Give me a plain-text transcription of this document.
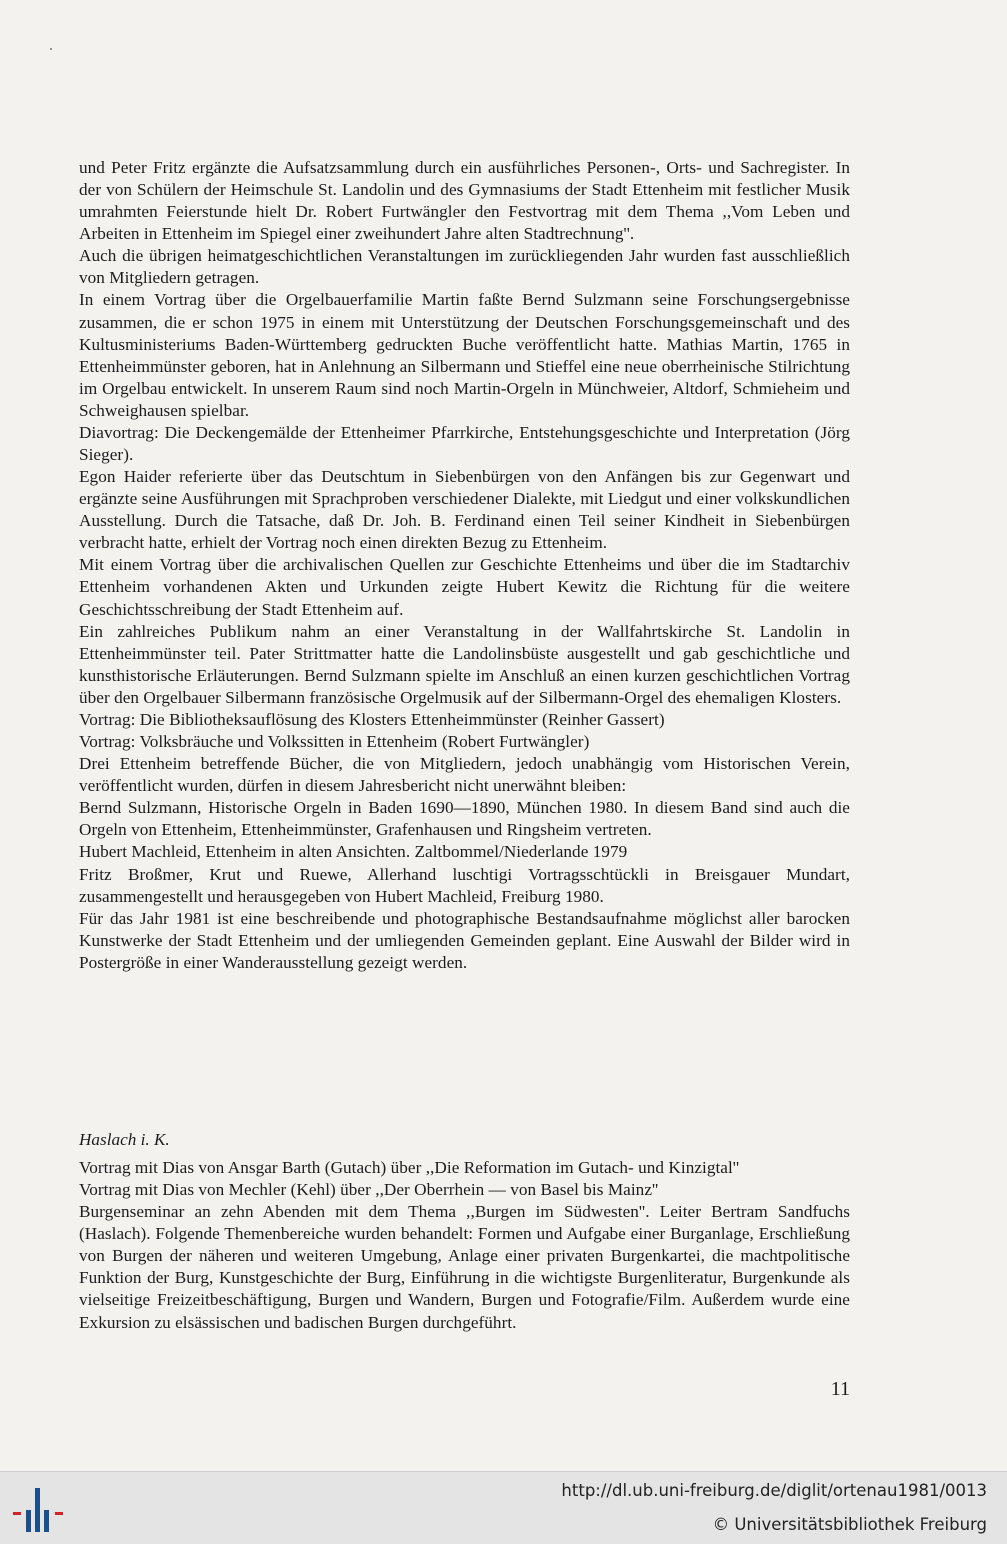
und Peter Fritz ergänzte die Aufsatzsammlung durch ein ausführliches Personen-, Orts- und Sachregister. In der von Schülern der Heimschule St. Landolin und des Gymnasiums der Stadt Ettenheim mit festlicher Musik umrahmten Feierstunde hielt Dr. Robert Furtwängler den Festvortrag mit dem Thema ,,Vom Leben und Arbeiten in Ettenheim im Spiegel einer zweihundert Jahre alten Stadtrechnung''.

Auch die übrigen heimatgeschichtlichen Veranstaltungen im zurückliegenden Jahr wurden fast ausschließlich von Mitgliedern getragen.

In einem Vortrag über die Orgelbauerfamilie Martin faßte Bernd Sulzmann seine Forschungsergebnisse zusammen, die er schon 1975 in einem mit Unterstützung der Deutschen Forschungsgemeinschaft und des Kultusministeriums Baden-Württemberg gedruckten Buche veröffentlicht hatte. Mathias Martin, 1765 in Ettenheimmünster geboren, hat in Anlehnung an Silbermann und Stieffel eine neue oberrheinische Stilrichtung im Orgelbau entwickelt. In unserem Raum sind noch Martin-Orgeln in Münchweier, Altdorf, Schmieheim und Schweighausen spielbar.

Diavortrag: Die Deckengemälde der Ettenheimer Pfarrkirche, Entstehungsgeschichte und Interpretation (Jörg Sieger).

Egon Haider referierte über das Deutschtum in Siebenbürgen von den Anfängen bis zur Gegenwart und ergänzte seine Ausführungen mit Sprachproben verschiedener Dialekte, mit Liedgut und einer volkskundlichen Ausstellung. Durch die Tatsache, daß Dr. Joh. B. Ferdinand einen Teil seiner Kindheit in Siebenbürgen verbracht hatte, erhielt der Vortrag noch einen direkten Bezug zu Ettenheim.

Mit einem Vortrag über die archivalischen Quellen zur Geschichte Ettenheims und über die im Stadtarchiv Ettenheim vorhandenen Akten und Urkunden zeigte Hubert Kewitz die Richtung für die weitere Geschichtsschreibung der Stadt Ettenheim auf.

Ein zahlreiches Publikum nahm an einer Veranstaltung in der Wallfahrtskirche St. Landolin in Ettenheimmünster teil. Pater Strittmatter hatte die Landolinsbüste ausgestellt und gab geschichtliche und kunsthistorische Erläuterungen. Bernd Sulzmann spielte im Anschluß an einen kurzen geschichtlichen Vortrag über den Orgelbauer Silbermann französische Orgelmusik auf der Silbermann-Orgel des ehemaligen Klosters.

Vortrag: Die Bibliotheksauflösung des Klosters Ettenheimmünster (Reinher Gassert)

Vortrag: Volksbräuche und Volkssitten in Ettenheim (Robert Furtwängler)

Drei Ettenheim betreffende Bücher, die von Mitgliedern, jedoch unabhängig vom Historischen Verein, veröffentlicht wurden, dürfen in diesem Jahresbericht nicht unerwähnt bleiben:

Bernd Sulzmann, Historische Orgeln in Baden 1690—1890, München 1980. In diesem Band sind auch die Orgeln von Ettenheim, Ettenheimmünster, Grafenhausen und Ringsheim vertreten.

Hubert Machleid, Ettenheim in alten Ansichten. Zaltbommel/Niederlande 1979

Fritz Broßmer, Krut und Ruewe, Allerhand luschtigi Vortragsschtückli in Breisgauer Mundart, zusammengestellt und herausgegeben von Hubert Machleid, Freiburg 1980.

Für das Jahr 1981 ist eine beschreibende und photographische Bestandsaufnahme möglichst aller barocken Kunstwerke der Stadt Ettenheim und der umliegenden Gemeinden geplant. Eine Auswahl der Bilder wird in Postergröße in einer Wanderausstellung gezeigt werden.

Haslach i. K.

Vortrag mit Dias von Ansgar Barth (Gutach) über ,,Die Reformation im Gutach- und Kinzigtal''

Vortrag mit Dias von Mechler (Kehl) über ,,Der Oberrhein — von Basel bis Mainz''

Burgenseminar an zehn Abenden mit dem Thema ,,Burgen im Südwesten''. Leiter Bertram Sandfuchs (Haslach). Folgende Themenbereiche wurden behandelt: Formen und Aufgabe einer Burganlage, Erschließung von Burgen der näheren und weiteren Umgebung, Anlage einer privaten Burgenkartei, die machtpolitische Funktion der Burg, Kunstgeschichte der Burg, Einführung in die wichtigste Burgenliteratur, Burgenkunde als vielseitige Freizeitbeschäftigung, Burgen und Wandern, Burgen und Fotografie/Film. Außerdem wurde eine Exkursion zu elsässischen und badischen Burgen durchgeführt.

11
http://dl.ub.uni-freiburg.de/diglit/ortenau1981/0013
© Universitätsbibliothek Freiburg
